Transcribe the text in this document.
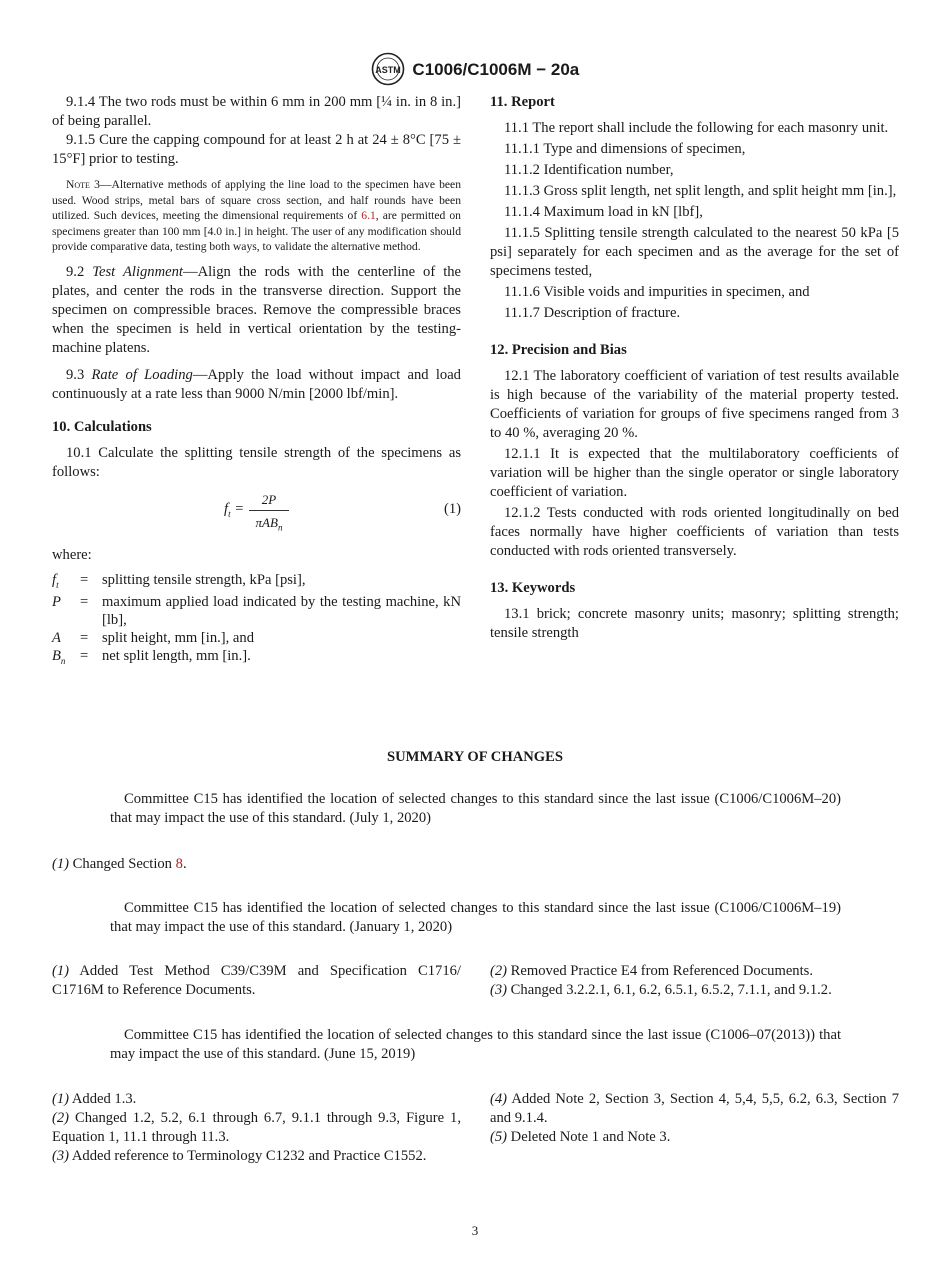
ASTM C1006/C1006M − 20a

9.1.4 The two rods must be within 6 mm in 200 mm [¼ in. in 8 in.] of being parallel.

9.1.5 Cure the capping compound for at least 2 h at 24 ± 8°C [75 ± 15°F] prior to testing.

Note 3—Alternative methods of applying the line load to the specimen have been used. Wood strips, metal bars of square cross section, and half rounds have been utilized. Such devices, meeting the dimensional requirements of 6.1, are permitted on specimens greater than 100 mm [4.0 in.] in height. The user of any modification should provide comparative data, testing both ways, to validate the alternative method.

9.2 Test Alignment—Align the rods with the centerline of the plates, and center the rods in the transverse direction. Support the specimen on compressible braces. Remove the compressible braces when the specimen is held in vertical orientation by the testing-machine platens.

9.3 Rate of Loading—Apply the load without impact and load continuously at a rate less than 9000 N/min [2000 lbf/min].

10. Calculations

10.1 Calculate the splitting tensile strength of the specimens as follows:

$f_t$ =
2P
πAB$_n$
(1)

where:

$f_t$	=	splitting tensile strength, kPa [psi],
P	=	maximum applied load indicated by the testing machine, kN [lb],
A	=	split height, mm [in.], and
$B_n$	=	net split length, mm [in.].
11. Report

11.1 The report shall include the following for each masonry unit.

11.1.1 Type and dimensions of specimen,

11.1.2 Identification number,

11.1.3 Gross split length, net split length, and split height mm [in.],

11.1.4 Maximum load in kN [lbf],

11.1.5 Splitting tensile strength calculated to the nearest 50 kPa [5 psi] separately for each specimen and as the average for the set of specimens tested,

11.1.6 Visible voids and impurities in specimen, and

11.1.7 Description of fracture.

12. Precision and Bias

12.1 The laboratory coefficient of variation of test results available is high because of the variability of the material property tested. Coefficients of variation for groups of five specimens ranged from 3 to 40 %, averaging 20 %.

12.1.1 It is expected that the multilaboratory coefficients of variation will be higher than the single operator or single laboratory coefficient of variation.

12.1.2 Tests conducted with rods oriented longitudinally on bed faces normally have higher coefficients of variation than tests conducted with rods oriented transversely.

13. Keywords

13.1 brick; concrete masonry units; masonry; splitting strength; tensile strength

SUMMARY OF CHANGES

Committee C15 has identified the location of selected changes to this standard since the last issue (C1006/C1006M–20) that may impact the use of this standard. (July 1, 2020)

(1) Changed Section 8.

Committee C15 has identified the location of selected changes to this standard since the last issue (C1006/C1006M–19) that may impact the use of this standard. (January 1, 2020)

(1) Added Test Method C39/C39M and Specification C1716/ C1716M to Reference Documents.

(2) Removed Practice E4 from Referenced Documents.

(3) Changed 3.2.2.1, 6.1, 6.2, 6.5.1, 6.5.2, 7.1.1, and 9.1.2.

Committee C15 has identified the location of selected changes to this standard since the last issue (C1006–07(2013)) that may impact the use of this standard. (June 15, 2019)

(1) Added 1.3.

(2) Changed 1.2, 5.2, 6.1 through 6.7, 9.1.1 through 9.3, Figure 1, Equation 1, 11.1 through 11.3.

(3) Added reference to Terminology C1232 and Practice C1552.

(4) Added Note 2, Section 3, Section 4, 5,4, 5,5, 6.2, 6.3, Section 7 and 9.1.4.

(5) Deleted Note 1 and Note 3.

3
